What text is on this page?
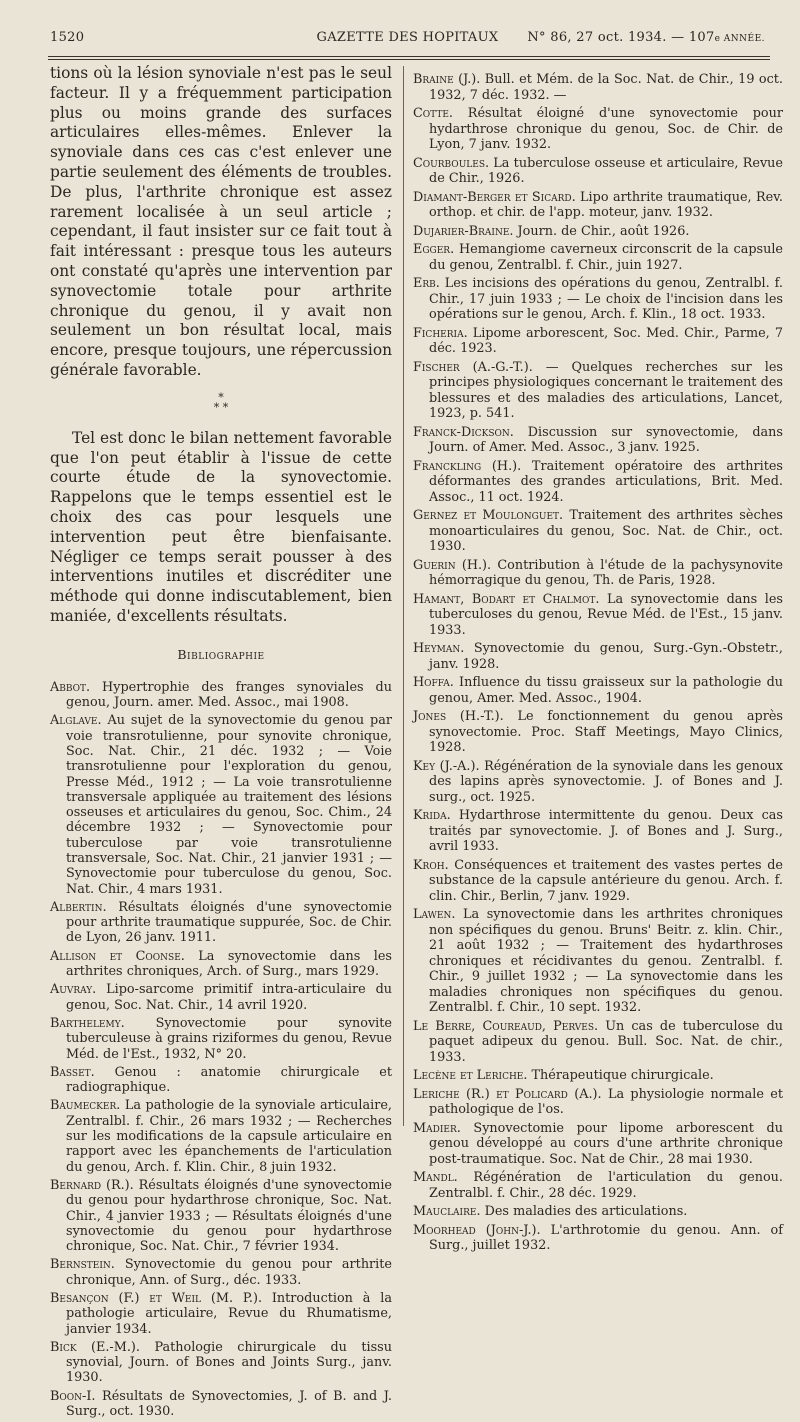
1520	GAZETTE DES HOPITAUX	N° 86, 27 oct. 1934. — 107e ANNÉE.

tions où la lésion synoviale n'est pas le seul facteur. Il y a fréquemment participation plus ou moins grande des surfaces articulaires elles-mêmes. Enlever la synoviale dans ces cas c'est enlever une partie seulement des éléments de troubles. De plus, l'arthrite chronique est assez rarement localisée à un seul article ; cependant, il faut insister sur ce fait tout à fait intéressant : presque tous les auteurs ont constaté qu'après une intervention par synovectomie totale pour arthrite chronique du genou, il y avait non seulement un bon résultat local, mais encore, presque toujours, une répercussion générale favorable.

*
* *

Tel est donc le bilan nettement favorable que l'on peut établir à l'issue de cette courte étude de la synovectomie. Rappelons que le temps essentiel est le choix des cas pour lesquels une intervention peut être bienfaisante. Négliger ce temps serait pousser à des interventions inutiles et discréditer une méthode qui donne indiscutablement, bien maniée, d'excellents résultats.

Bibliographie
Abbot. Hypertrophie des franges synoviales du genou, Journ. amer. Med. Assoc., mai 1908.
Alglave. Au sujet de la synovectomie du genou par voie transrotulienne, pour synovite chronique, Soc. Nat. Chir., 21 déc. 1932 ; — Voie transrotulienne pour l'exploration du genou, Presse Méd., 1912 ; — La voie transrotulienne transversale appliquée au traitement des lésions osseuses et articulaires du genou, Soc. Chim., 24 décembre 1932 ; — Synovectomie pour tuberculose par voie transrotulienne transversale, Soc. Nat. Chir., 21 janvier 1931 ; — Synovectomie pour tuberculose du genou, Soc. Nat. Chir., 4 mars 1931.
Albertin. Résultats éloignés d'une synovectomie pour arthrite traumatique suppurée, Soc. de Chir. de Lyon, 26 janv. 1911.
Allison et Coonse. La synovectomie dans les arthrites chroniques, Arch. of Surg., mars 1929.
Auvray. Lipo-sarcome primitif intra-articulaire du genou, Soc. Nat. Chir., 14 avril 1920.
Barthelemy. Synovectomie pour synovite tuberculeuse à grains riziformes du genou, Revue Méd. de l'Est., 1932, N° 20.
Basset. Genou : anatomie chirurgicale et radiographique.
Baumecker. La pathologie de la synoviale articulaire, Zentralbl. f. Chir., 26 mars 1932 ; — Recherches sur les modifications de la capsule articulaire en rapport avec les épanchements de l'articulation du genou, Arch. f. Klin. Chir., 8 juin 1932.
Bernard (R.). Résultats éloignés d'une synovectomie du genou pour hydarthrose chronique, Soc. Nat. Chir., 4 janvier 1933 ; — Résultats éloignés d'une synovectomie du genou pour hydarthrose chronique, Soc. Nat. Chir., 7 février 1934.
Bernstein. Synovectomie du genou pour arthrite chronique, Ann. of Surg., déc. 1933.
Besançon (F.) et Weil (M. P.). Introduction à la pathologie articulaire, Revue du Rhumatisme, janvier 1934.
Bick (E.-M.). Pathologie chirurgicale du tissu synovial, Journ. of Bones and Joints Surg., janv. 1930.
Boon-I. Résultats de Synovectomies, J. of B. and J. Surg., oct. 1930.
Braine (J.). Bull. et Mém. de la Soc. Nat. de Chir., 19 oct. 1932, 7 déc. 1932. —
Cotte. Résultat éloigné d'une synovectomie pour hydarthrose chronique du genou, Soc. de Chir. de Lyon, 7 janv. 1932.
Courboules. La tuberculose osseuse et articulaire, Revue de Chir., 1926.
Diamant-Berger et Sicard. Lipo arthrite traumatique, Rev. orthop. et chir. de l'app. moteur, janv. 1932.
Dujarier-Braine. Journ. de Chir., août 1926.
Egger. Hemangiome caverneux circonscrit de la capsule du genou, Zentralbl. f. Chir., juin 1927.
Erb. Les incisions des opérations du genou, Zentralbl. f. Chir., 17 juin 1933 ; — Le choix de l'incision dans les opérations sur le genou, Arch. f. Klin., 18 oct. 1933.
Ficheria. Lipome arborescent, Soc. Med. Chir., Parme, 7 déc. 1923.
Fischer (A.-G.-T.). — Quelques recherches sur les principes physiologiques concernant le traitement des blessures et des maladies des articulations, Lancet, 1923, p. 541.
Franck-Dickson. Discussion sur synovectomie, dans Journ. of Amer. Med. Assoc., 3 janv. 1925.
Franckling (H.). Traitement opératoire des arthrites déformantes des grandes articulations, Brit. Med. Assoc., 11 oct. 1924.
Gernez et Moulonguet. Traitement des arthrites sèches monoarticulaires du genou, Soc. Nat. de Chir., oct. 1930.
Guerin (H.). Contribution à l'étude de la pachysynovite hémorragique du genou, Th. de Paris, 1928.
Hamant, Bodart et Chalmot. La synovectomie dans les tuberculoses du genou, Revue Méd. de l'Est., 15 janv. 1933.
Heyman. Synovectomie du genou, Surg.-Gyn.-Obstetr., janv. 1928.
Hoffa. Influence du tissu graisseux sur la pathologie du genou, Amer. Med. Assoc., 1904.
Jones (H.-T.). Le fonctionnement du genou après synovectomie. Proc. Staff Meetings, Mayo Clinics, 1928.
Key (J.-A.). Régénération de la synoviale dans les genoux des lapins après synovectomie. J. of Bones and J. surg., oct. 1925.
Krida. Hydarthrose intermittente du genou. Deux cas traités par synovectomie. J. of Bones and J. Surg., avril 1933.
Kroh. Conséquences et traitement des vastes pertes de substance de la capsule antérieure du genou. Arch. f. clin. Chir., Berlin, 7 janv. 1929.
Lawen. La synovectomie dans les arthrites chroniques non spécifiques du genou. Bruns' Beitr. z. klin. Chir., 21 août 1932 ; — Traitement des hydarthroses chroniques et récidivantes du genou. Zentralbl. f. Chir., 9 juillet 1932 ; — La synovectomie dans les maladies chroniques non spécifiques du genou. Zentralbl. f. Chir., 10 sept. 1932.
Le Berre, Coureaud, Perves. Un cas de tuberculose du paquet adipeux du genou. Bull. Soc. Nat. de chir., 1933.
Lecène et Leriche. Thérapeutique chirurgicale.
Leriche (R.) et Policard (A.). La physiologie normale et pathologique de l'os.
Madier. Synovectomie pour lipome arborescent du genou développé au cours d'une arthrite chronique post-traumatique. Soc. Nat de Chir., 28 mai 1930.
Mandl. Régénération de l'articulation du genou. Zentralbl. f. Chir., 28 déc. 1929.
Mauclaire. Des maladies des articulations.
Moorhead (John-J.). L'arthrotomie du genou. Ann. of Surg., juillet 1932.
